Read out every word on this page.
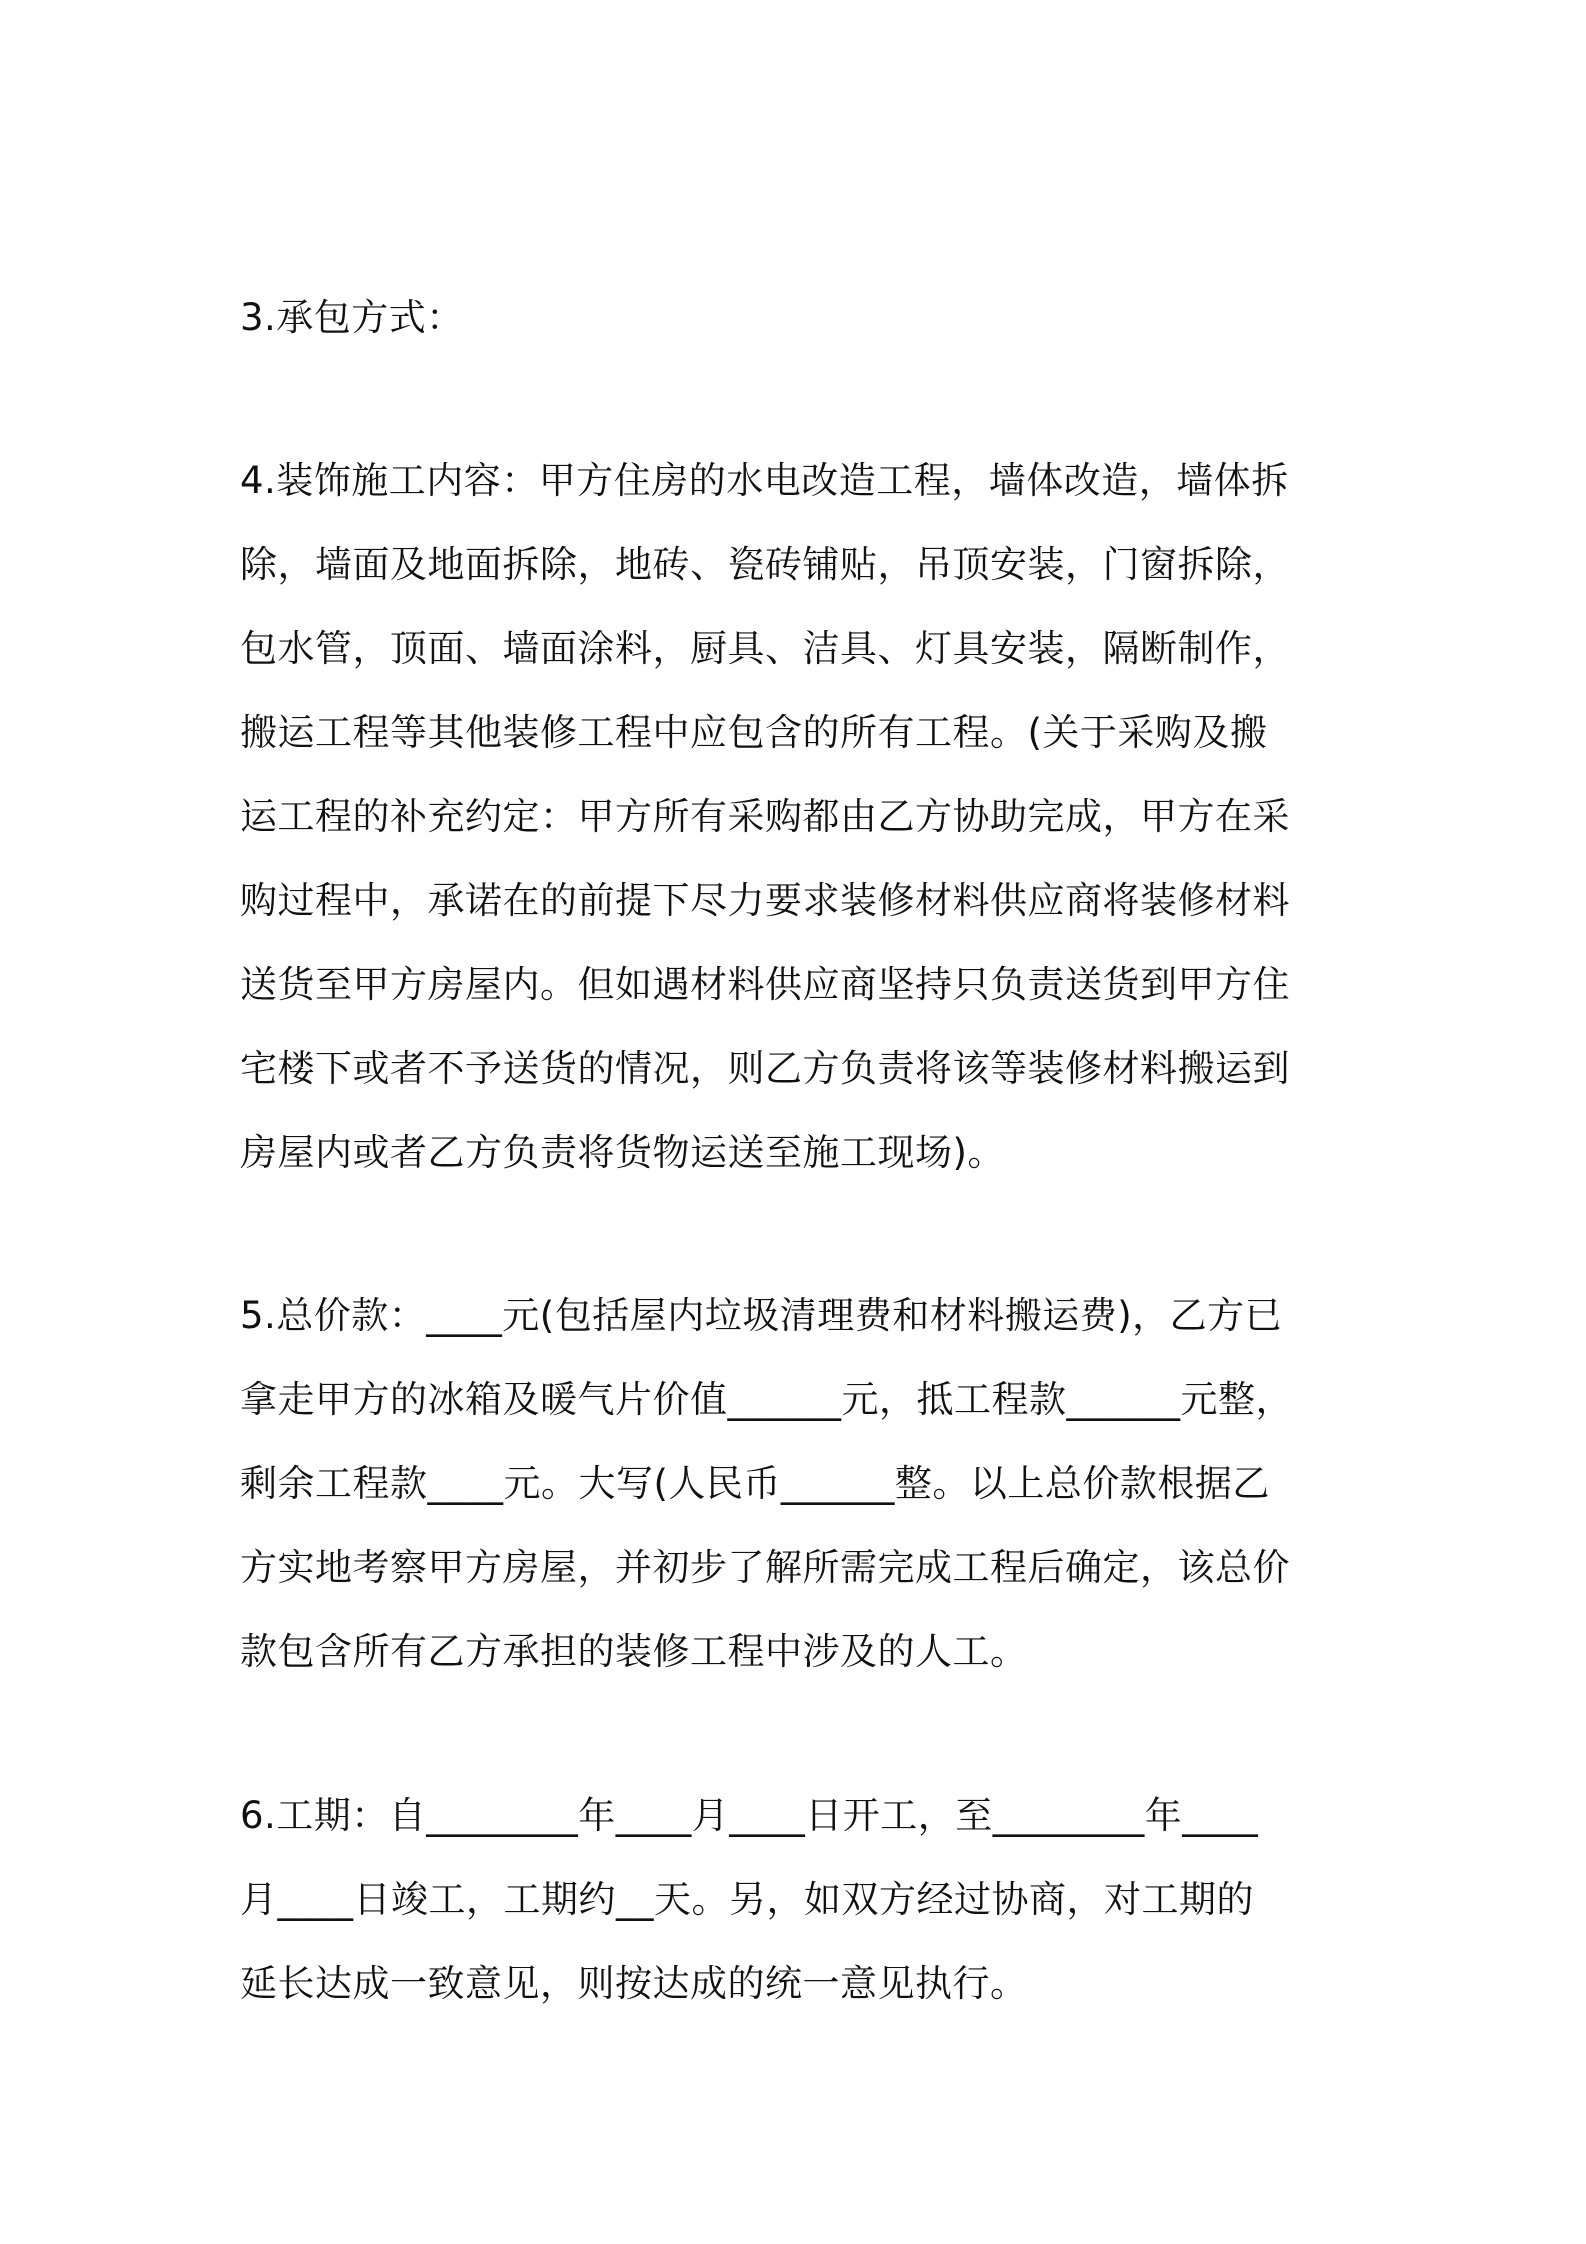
3.承包方式：

4.装饰施工内容：甲方住房的水电改造工程，墙体改造，墙体拆

除，墙面及地面拆除，地砖、瓷砖铺贴，吊顶安装，门窗拆除，

包水管，顶面、墙面涂料，厨具、洁具、灯具安装，隔断制作，

搬运工程等其他装修工程中应包含的所有工程。(关于采购及搬

运工程的补充约定：甲方所有采购都由乙方协助完成，甲方在采

购过程中，承诺在的前提下尽力要求装修材料供应商将装修材料

送货至甲方房屋内。但如遇材料供应商坚持只负责送货到甲方住

宅楼下或者不予送货的情况，则乙方负责将该等装修材料搬运到

房屋内或者乙方负责将货物运送至施工现场)。

5.总价款：____元(包括屋内垃圾清理费和材料搬运费)，乙方已

拿走甲方的冰箱及暖气片价值______元，抵工程款______元整，

剩余工程款____元。大写(人民币______整。以上总价款根据乙

方实地考察甲方房屋，并初步了解所需完成工程后确定，该总价

款包含所有乙方承担的装修工程中涉及的人工。

6.工期：自________年____月____日开工，至________年____

月____日竣工，工期约__天。另，如双方经过协商，对工期的

延长达成一致意见，则按达成的统一意见执行。
